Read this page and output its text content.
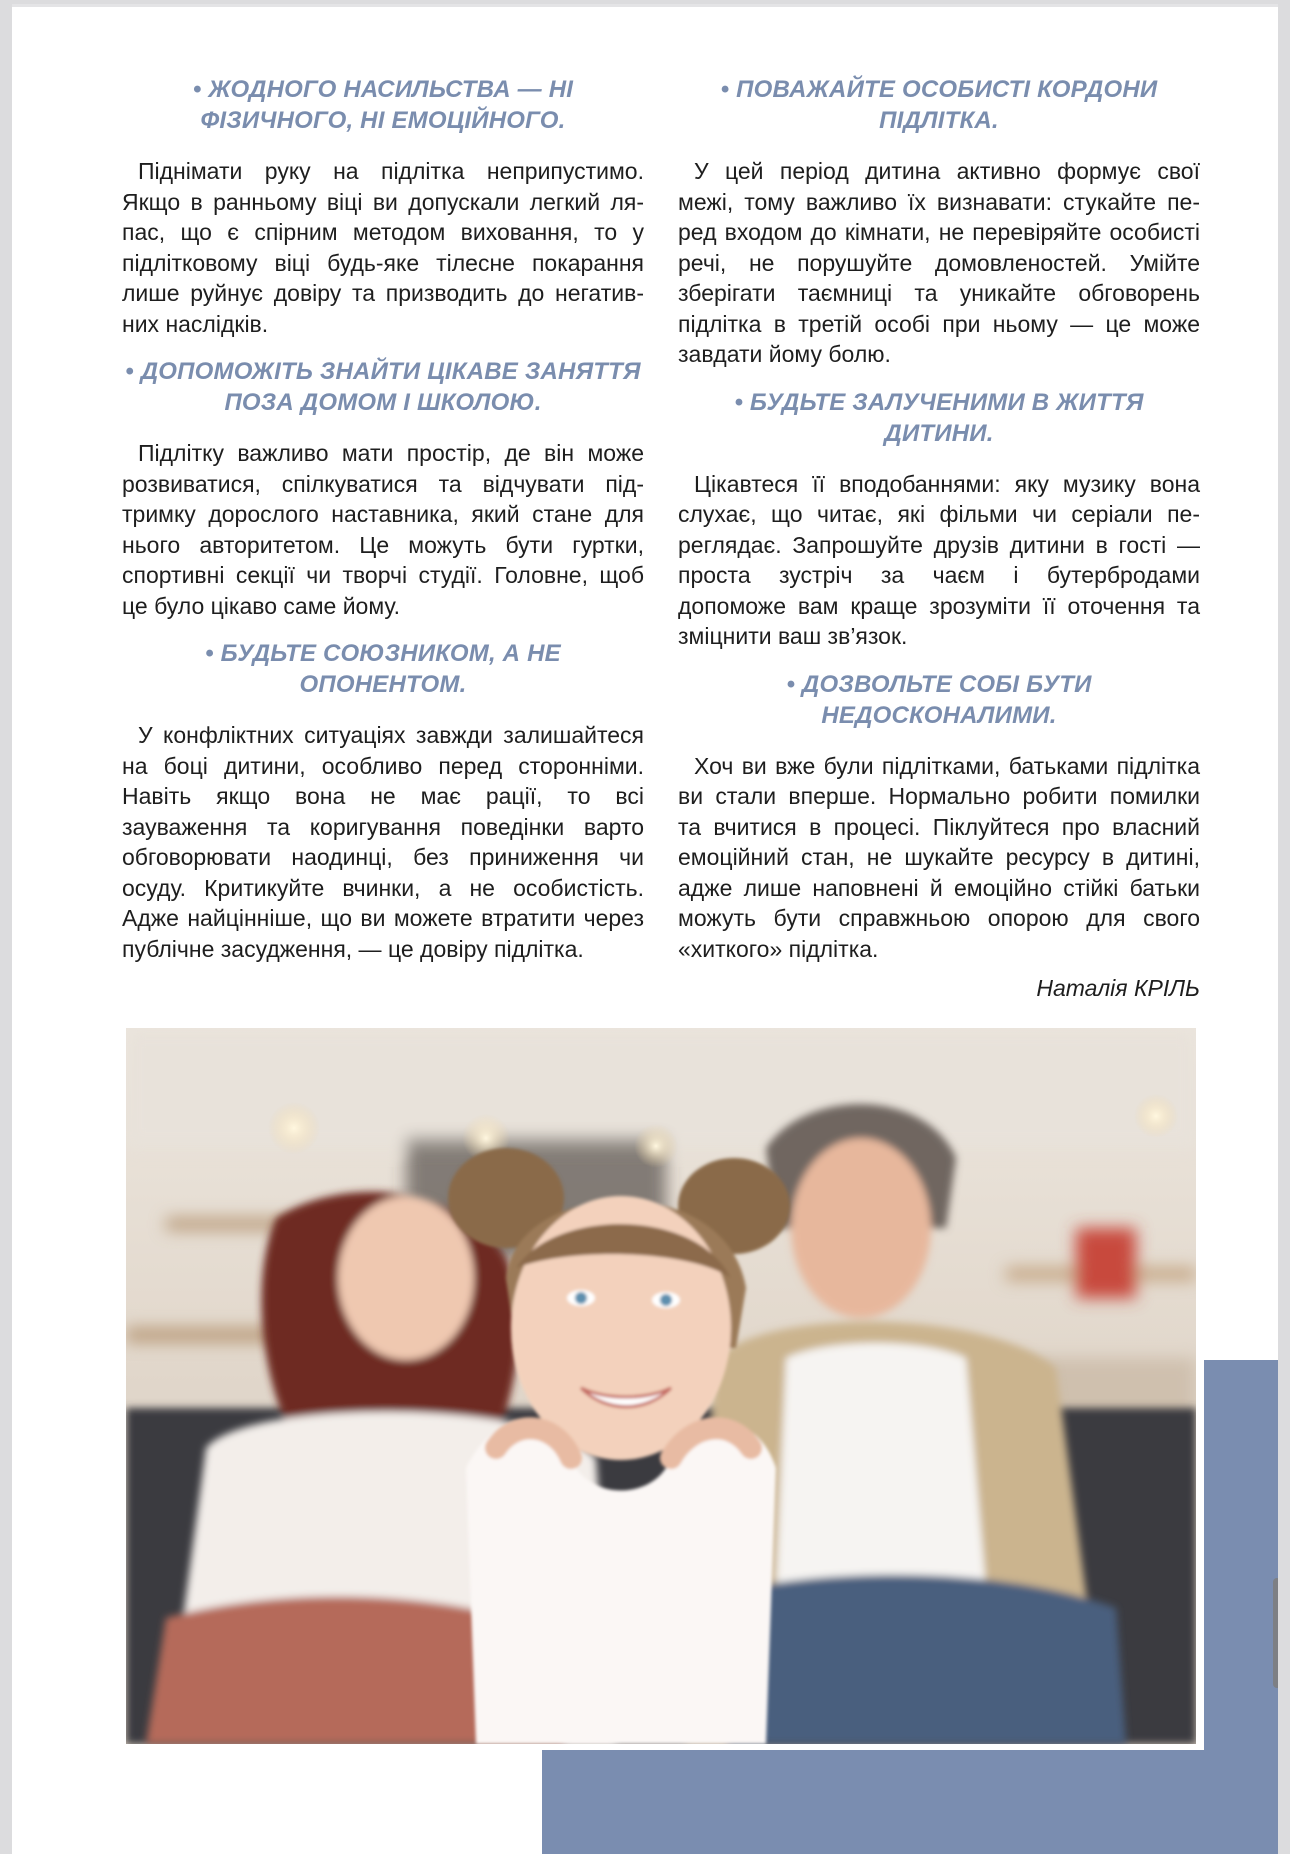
• ЖОДНОГО НАСИЛЬСТВА — НІ ФІЗИЧНОГО, НІ ЕМОЦІЙНОГО.

Піднімати руку на підлітка неприпустимо. Якщо в ранньому віці ви допускали легкий ляпас, що є спірним методом виховання, то у підлітковому віці будь-яке тілесне покарання лише руйнує довіру та призводить до негативних наслідків.

• ДОПОМОЖІТЬ ЗНАЙТИ ЦІКАВЕ ЗАНЯТТЯ ПОЗА ДОМОМ І ШКОЛОЮ.

Підлітку важливо мати простір, де він може розвиватися, спілкуватися та відчувати підтримку дорослого наставника, який стане для нього авторитетом. Це можуть бути гуртки, спортивні секції чи творчі студії. Головне, щоб це було цікаво саме йому.

• БУДЬТЕ СОЮЗНИКОМ, А НЕ ОПОНЕНТОМ.

У конфліктних ситуаціях завжди залишайтеся на боці дитини, особливо перед сторонніми. Навіть якщо вона не має рації, то всі зауваження та коригування поведінки варто обговорювати наодинці, без приниження чи осуду. Критикуйте вчинки, а не особистість. Адже найцінніше, що ви можете втратити через публічне засудження, — це довіру підлітка.

• ПОВАЖАЙТЕ ОСОБИСТІ КОРДОНИ ПІДЛІТКА.

У цей період дитина активно формує свої межі, тому важливо їх визнавати: стукайте перед входом до кімнати, не перевіряйте особисті речі, не порушуйте домовленостей. Умійте зберігати таємниці та уникайте обговорень підлітка в третій особі при ньому — це може завдати йому болю.

• БУДЬТЕ ЗАЛУЧЕНИМИ В ЖИТТЯ ДИТИНИ.

Цікавтеся її вподобаннями: яку музику вона слухає, що читає, які фільми чи серіали переглядає. Запрошуйте друзів дитини в гості — проста зустріч за чаєм і бутербродами допоможе вам краще зрозуміти її оточення та зміцнити ваш зв’язок.

• ДОЗВОЛЬТЕ СОБІ БУТИ НЕДОСКОНАЛИМИ.

Хоч ви вже були підлітками, батьками підлітка ви стали вперше. Нормально робити помилки та вчитися в процесі. Піклуйтеся про власний емоційний стан, не шукайте ресурсу в дитині, адже лише наповнені й емоційно стійкі батьки можуть бути справжньою опорою для свого «хиткого» підлітка.

Наталія КРІЛЬ
